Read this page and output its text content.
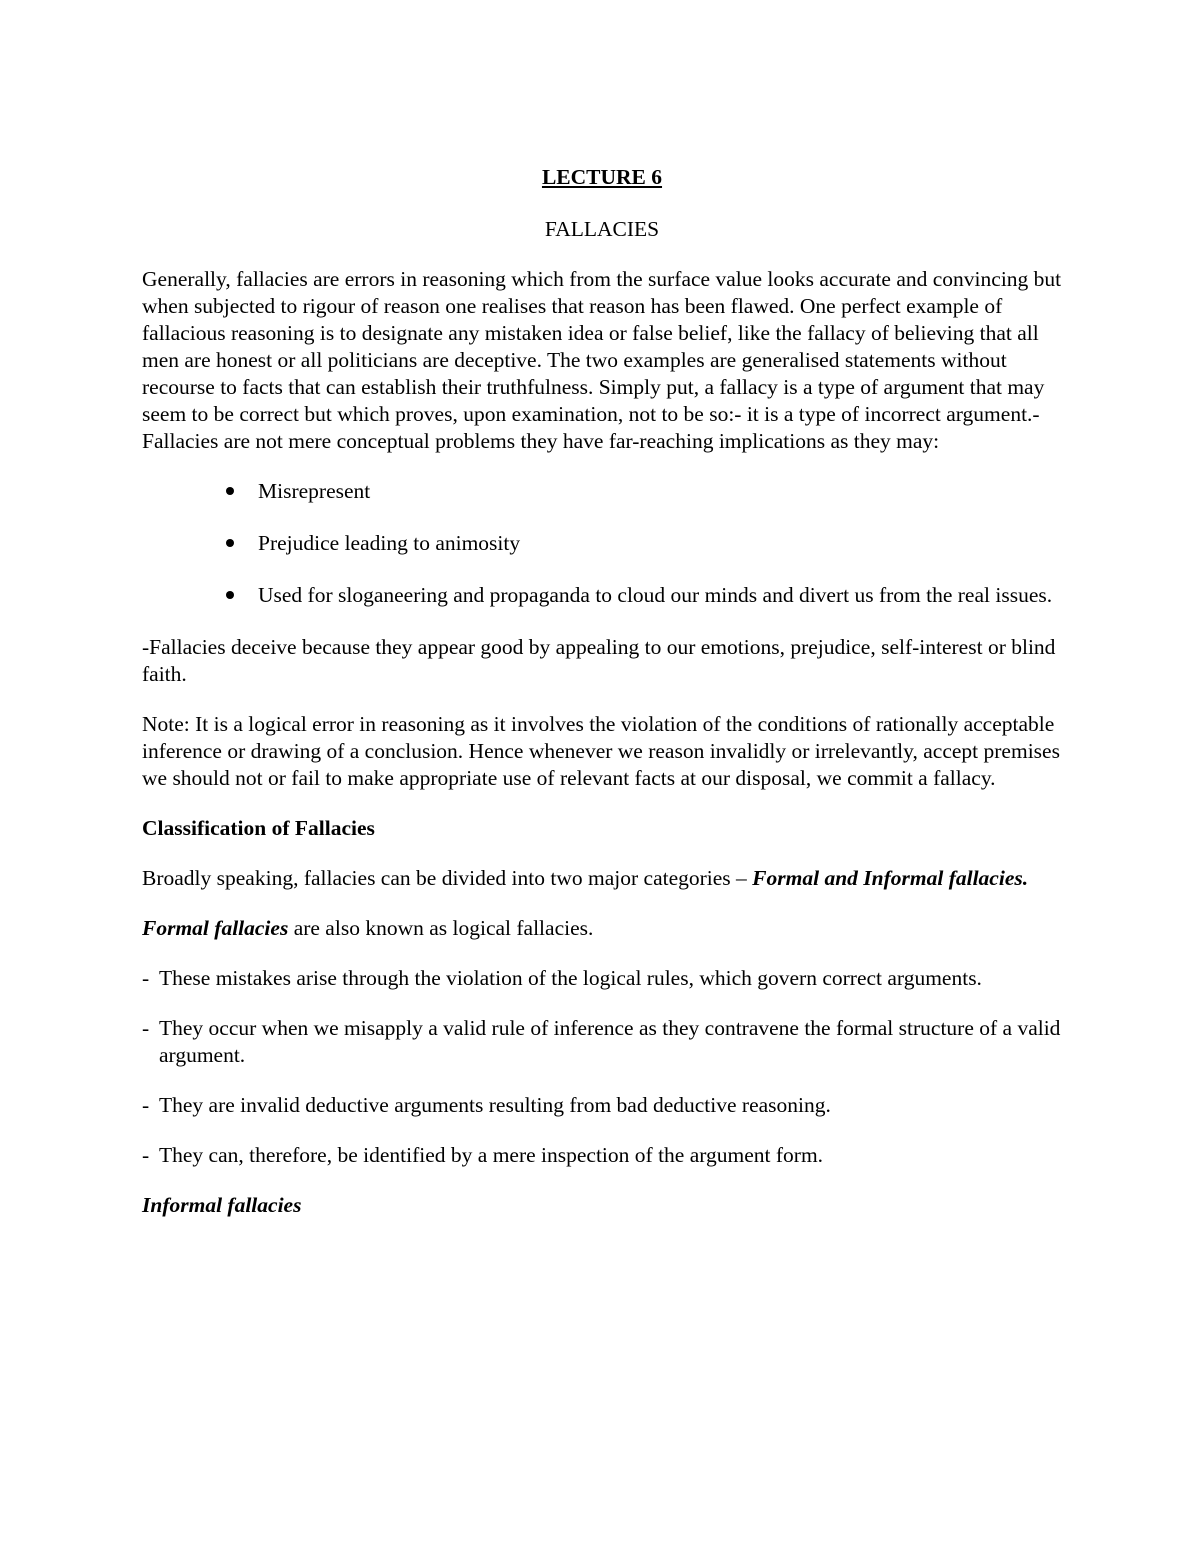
LECTURE 6
FALLACIES

Generally, fallacies are errors in reasoning which from the surface value looks accurate and convincing but when subjected to rigour of reason one realises that reason has been flawed. One perfect example of fallacious reasoning is to designate any mistaken idea or false belief, like the fallacy of believing that all men are honest or all politicians are deceptive. The two examples are generalised statements without recourse to facts that can establish their truthfulness. Simply put, a fallacy is a type of argument that may seem to be correct but which proves, upon examination, not to be so:- it is a type of incorrect argument.- Fallacies are not mere conceptual problems they have far-reaching implications as they may:

Misrepresent
Prejudice leading to animosity
Used for sloganeering and propaganda to cloud our minds and divert us from the real issues.

-Fallacies deceive because they appear good by appealing to our emotions, prejudice, self-interest or blind faith.

Note: It is a logical error in reasoning as it involves the violation of the conditions of rationally acceptable inference or drawing of a conclusion. Hence whenever we reason invalidly or irrelevantly, accept premises we should not or fail to make appropriate use of relevant facts at our disposal, we commit a fallacy.

Classification of Fallacies

Broadly speaking, fallacies can be divided into two major categories – Formal and Informal fallacies.

Formal fallacies are also known as logical fallacies.

- These mistakes arise through the violation of the logical rules, which govern correct arguments.
- They occur when we misapply a valid rule of inference as they contravene the formal structure of a valid argument.
- They are invalid deductive arguments resulting from bad deductive reasoning.
- They can, therefore, be identified by a mere inspection of the argument form.
Informal fallacies
